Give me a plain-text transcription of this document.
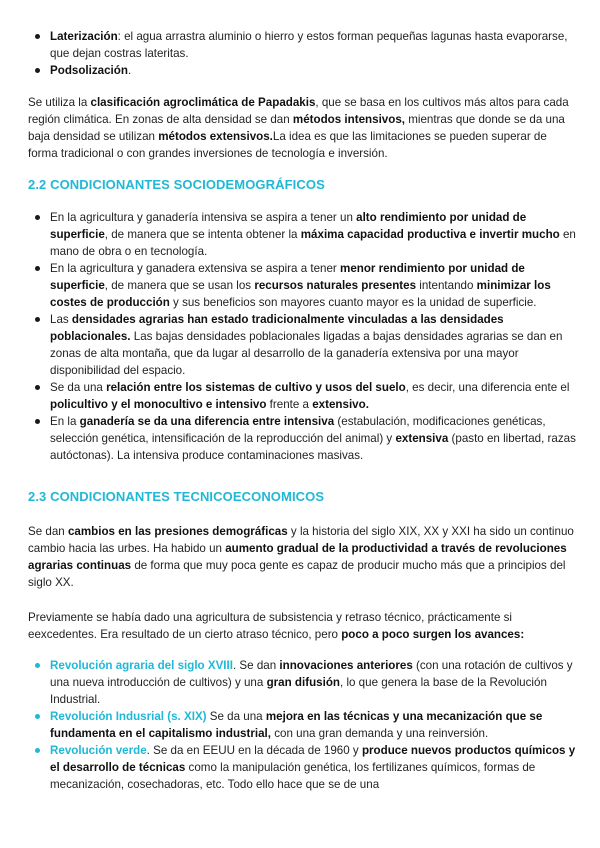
Laterización: el agua arrastra aluminio o hierro y estos forman pequeñas lagunas hasta evaporarse, que dejan costras lateritas.
Podsolización.

Se utiliza la clasificación agroclimática de Papadakis, que se basa en los cultivos más altos para cada región climática. En zonas de alta densidad se dan métodos intensivos, mientras que donde se da una baja densidad se utilizan métodos extensivos.La idea es que las limitaciones se pueden superar de forma tradicional o con grandes inversiones de tecnología e inversión.

2.2 CONDICIONANTES SOCIODEMOGRÁFICOS
En la agricultura y ganadería intensiva se aspira a tener un alto rendimiento por unidad de superficie, de manera que se intenta obtener la máxima capacidad productiva e invertir mucho en mano de obra o en tecnología.
En la agricultura y ganadera extensiva se aspira a tener menor rendimiento por unidad de superficie, de manera que se usan los recursos naturales presentes intentando minimizar los costes de producción y sus beneficios son mayores cuanto mayor es la unidad de superficie.
Las densidades agrarias han estado tradicionalmente vinculadas a las densidades poblacionales. Las bajas densidades poblacionales ligadas a bajas densidades agrarias se dan en zonas de alta montaña, que da lugar al desarrollo de la ganadería extensiva por una mayor disponibilidad del espacio.
Se da una relación entre los sistemas de cultivo y usos del suelo, es decir, una diferencia ente el policultivo y el monocultivo e intensivo frente a extensivo.
En la ganadería se da una diferencia entre intensiva (estabulación, modificaciones genéticas, selección genética, intensificación de la reproducción del animal) y extensiva (pasto en libertad, razas autóctonas). La intensiva produce contaminaciones masivas.
2.3 CONDICIONANTES TECNICOECONOMICOS

Se dan cambios en las presiones demográficas y la historia del siglo XIX, XX y XXI ha sido un continuo cambio hacia las urbes. Ha habido un aumento gradual de la productividad a través de revoluciones agrarias continuas de forma que muy poca gente es capaz de producir mucho más que a principios del siglo XX.

Previamente se había dado una agricultura de subsistencia y retraso técnico, prácticamente si eexcedentes. Era resultado de un cierto atraso técnico, pero poco a poco surgen los avances:

Revolución agraria del siglo XVIII. Se dan innovaciones anteriores (con una rotación de cultivos y una nueva introducción de cultivos) y una gran difusión, lo que genera la base de la Revolución Industrial.
Revolución Indusrial (s. XIX) Se da una mejora en las técnicas y una mecanización que se fundamenta en el capitalismo industrial, con una gran demanda y una reinversión.
Revolución verde. Se da en EEUU en la década de 1960 y produce nuevos productos químicos y el desarrollo de técnicas como la manipulación genética, los fertilizanes químicos, formas de mecanización, cosechadoras, etc. Todo ello hace que se de una
